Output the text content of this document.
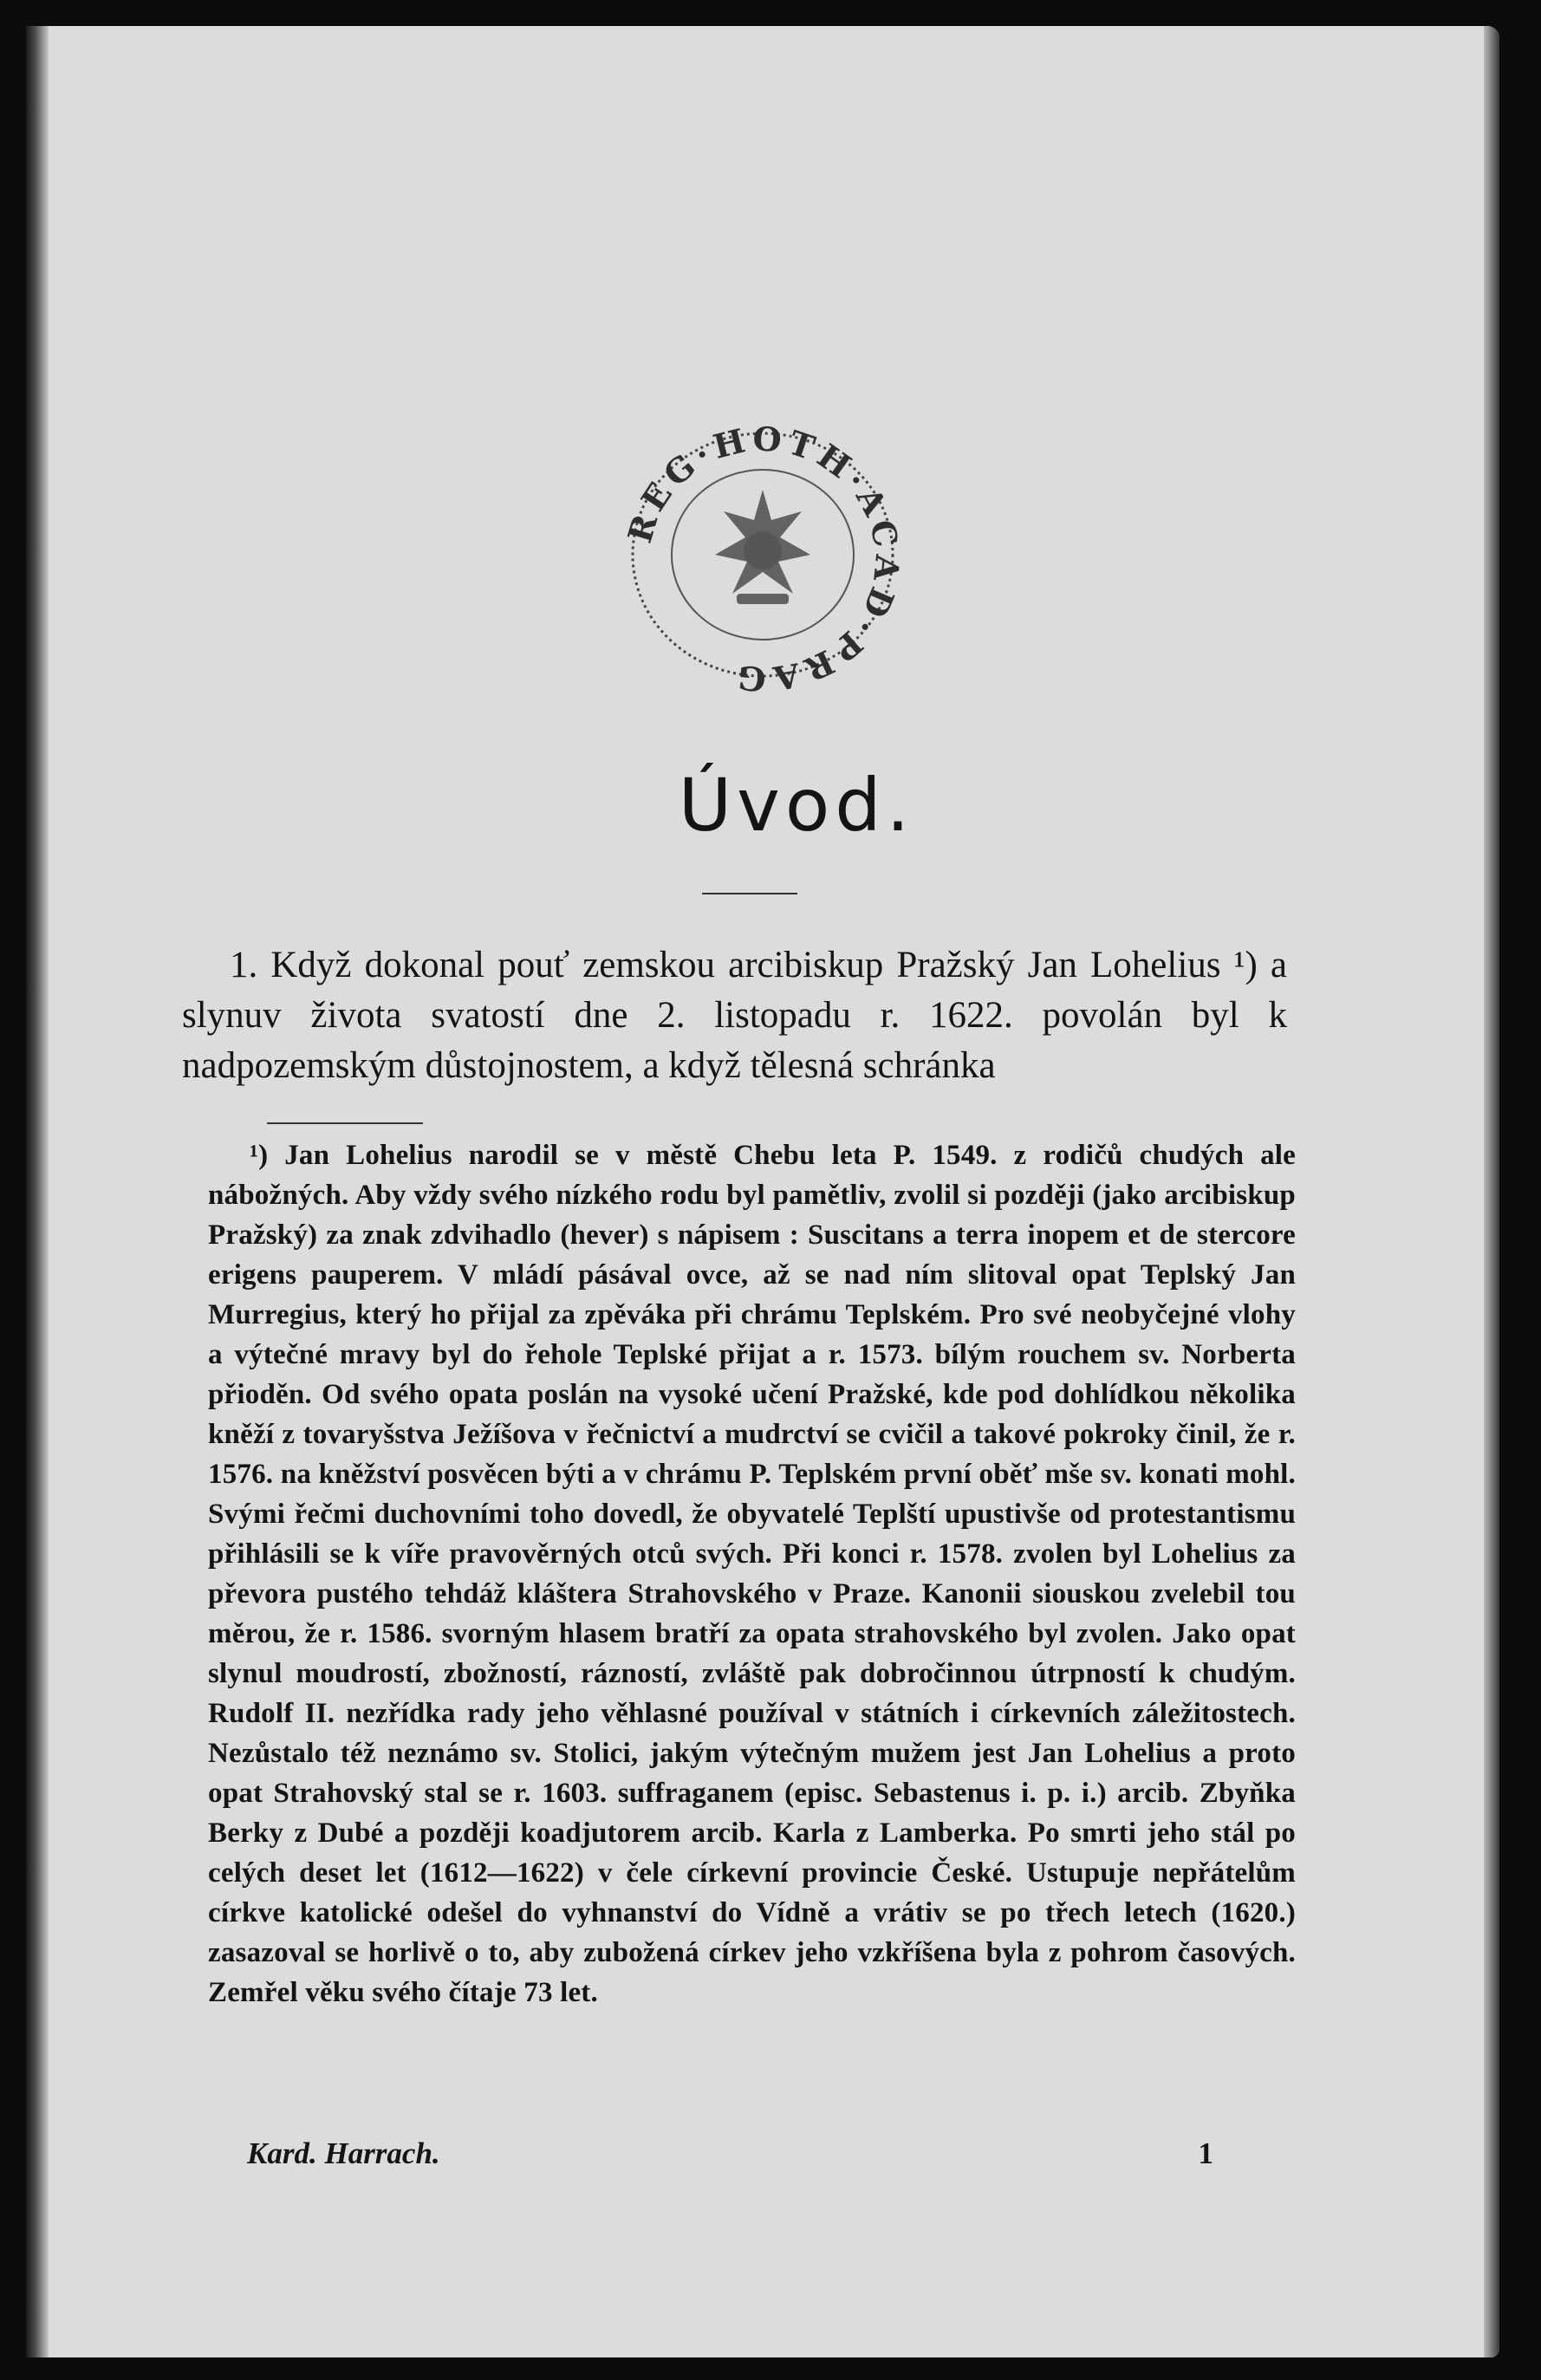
REG·HOTH·ACAD·PRAG
Úvod.

1. Když dokonal pouť zemskou arcibiskup Pražský Jan Lohelius ¹) a slynuv života svatostí dne 2. listopadu r. 1622. povolán byl k nadpozemským důstojnostem, a když tělesná schránka

¹) Jan Lohelius narodil se v městě Chebu leta P. 1549. z rodičů chudých ale nábožných. Aby vždy svého nízkého rodu byl pamětliv, zvolil si později (jako arcibiskup Pražský) za znak zdvihadlo (hever) s nápisem : Suscitans a terra inopem et de stercore erigens pauperem. V mládí pásával ovce, až se nad ním slitoval opat Teplský Jan Murregius, který ho přijal za zpěváka při chrámu Teplském. Pro své neobyčejné vlohy a výtečné mravy byl do řehole Teplské přijat a r. 1573. bílým rouchem sv. Norberta přioděn. Od svého opata poslán na vysoké učení Pražské, kde pod dohlídkou několika kněží z tovaryšstva Ježíšova v řečnictví a mudrctví se cvičil a takové pokroky činil, že r. 1576. na kněžství posvěcen býti a v chrámu P. Teplském první oběť mše sv. konati mohl. Svými řečmi duchovními toho dovedl, že obyvatelé Teplští upustivše od protestantismu přihlásili se k víře pravověrných otců svých. Při konci r. 1578. zvolen byl Lohelius za převora pustého tehdáž kláštera Strahovského v Praze. Kanonii siouskou zvelebil tou měrou, že r. 1586. svorným hlasem bratří za opata strahovského byl zvolen. Jako opat slynul moudrostí, zbožností, rázností, zvláště pak dobročinnou útrpností k chudým. Rudolf II. nezřídka rady jeho věhlasné používal v státních i církevních záležitostech. Nezůstalo též neznámo sv. Stolici, jakým výtečným mužem jest Jan Lohelius a proto opat Strahovský stal se r. 1603. suffraganem (episc. Sebastenus i. p. i.) arcib. Zbyňka Berky z Dubé a později koadjutorem arcib. Karla z Lamberka. Po smrti jeho stál po celých deset let (1612—1622) v čele církevní provincie České. Ustupuje nepřátelům církve katolické odešel do vyhnanství do Vídně a vrátiv se po třech letech (1620.) zasazoval se horlivě o to, aby zubožená církev jeho vzkříšena byla z pohrom časových. Zemřel věku svého čítaje 73 let.

Kard. Harrach.	1
